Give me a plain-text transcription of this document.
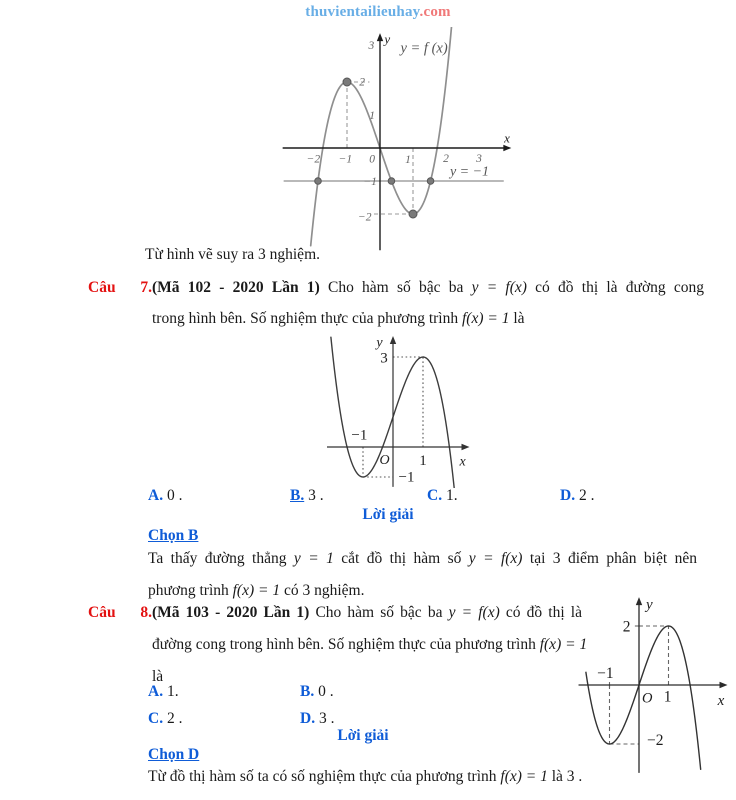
thuvientailieuhay.com
y
x
y = f (x)
y = −1
0
−2 −1	1	2 3
3
2
1
−1
−2
Từ hình vẽ suy ra 3 nghiệm.
Câu 7.(Mã 102 - 2020 Lần 1) Cho hàm số bậc ba y = f(x) có đồ thị là đường cong
trong hình bên. Số nghiệm thực của phương trình f(x) = 1 là
y
3
−1
O 1 x
−1
A. 0 .	B. 3 .	C. 1.	D. 2 .
Lời giải
Chọn B
Ta thấy đường thẳng y = 1 cắt đồ thị hàm số y = f(x) tại 3 điểm phân biệt nên
phương trình f(x) = 1 có 3 nghiệm.
Câu 8.(Mã 103 - 2020 Lần 1) Cho hàm số bậc ba y = f(x) có đồ thị là
đường cong trong hình bên. Số nghiệm thực của phương trình f(x) = 1
là
y
2
−1
O 1	x
−2
A. 1.	B. 0 .
C. 2 .	D. 3 .
Lời giải
Chọn D
Từ đồ thị hàm số ta có số nghiệm thực của phương trình f(x) = 1 là 3 .
